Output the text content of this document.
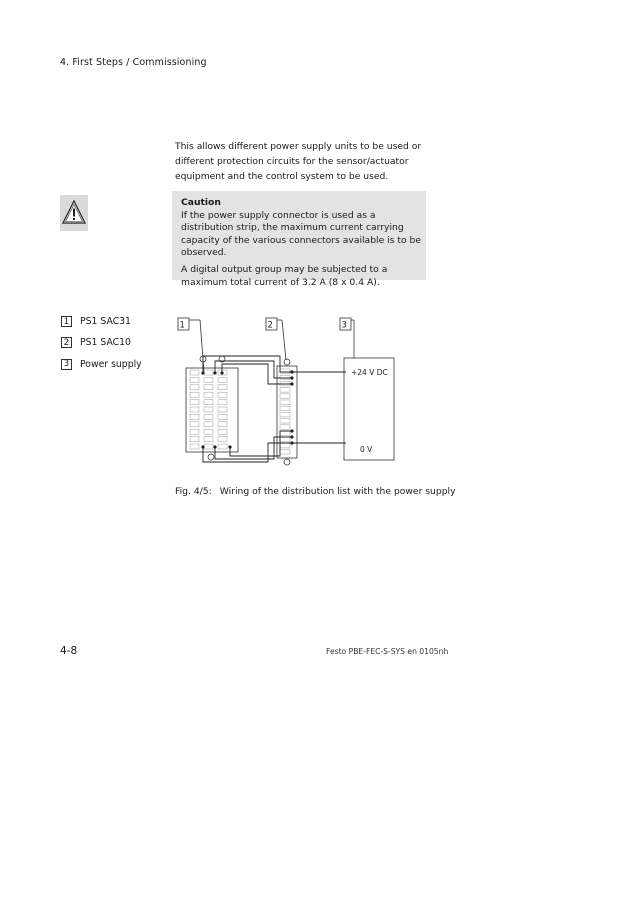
4. First Steps / Commissioning
This allows different power supply units to be used or different protection circuits for the sensor/actuator equipment and the control system to be used.
Caution

If the power supply connector is used as a distribution strip, the maximum current carrying capacity of the various connectors available is to be observed.

A digital output group may be subjected to a maximum total current of 3.2 A (8 x 0.4 A).

1	PS1 SAC31
2	PS1 SAC10
3	Power supply
1	2	3
+24 V DC
0 V
Fig. 4/5: Wiring of the distribution list with the power supply
4-8	Festo PBE-FEC-S-SYS en 0105nh
